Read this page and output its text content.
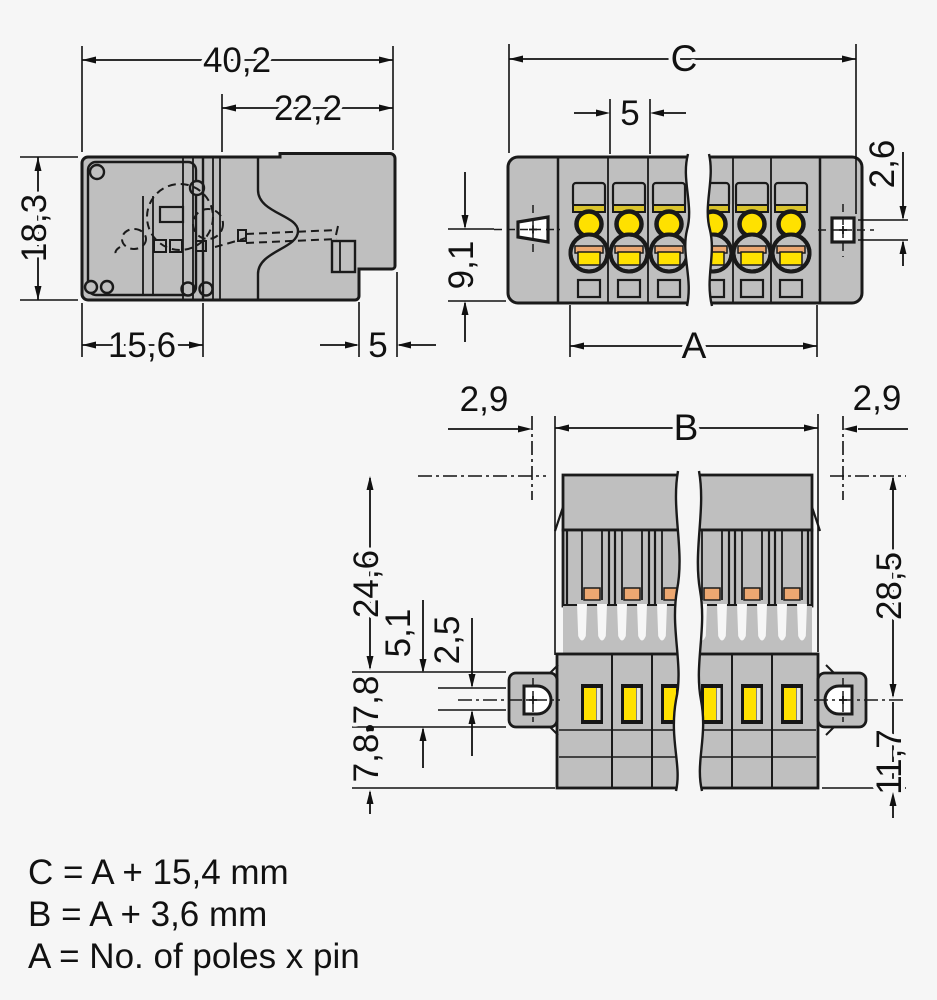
40,2
22,2
18,3
15,6	5
C
5
2,6
9,1
A
2,9
B
2,9
24,6
7,8
7,8
5,1 2,5
28,5
11,7
C = A + 15,4 mm
B = A + 3,6 mm
A = No. of poles x pin
